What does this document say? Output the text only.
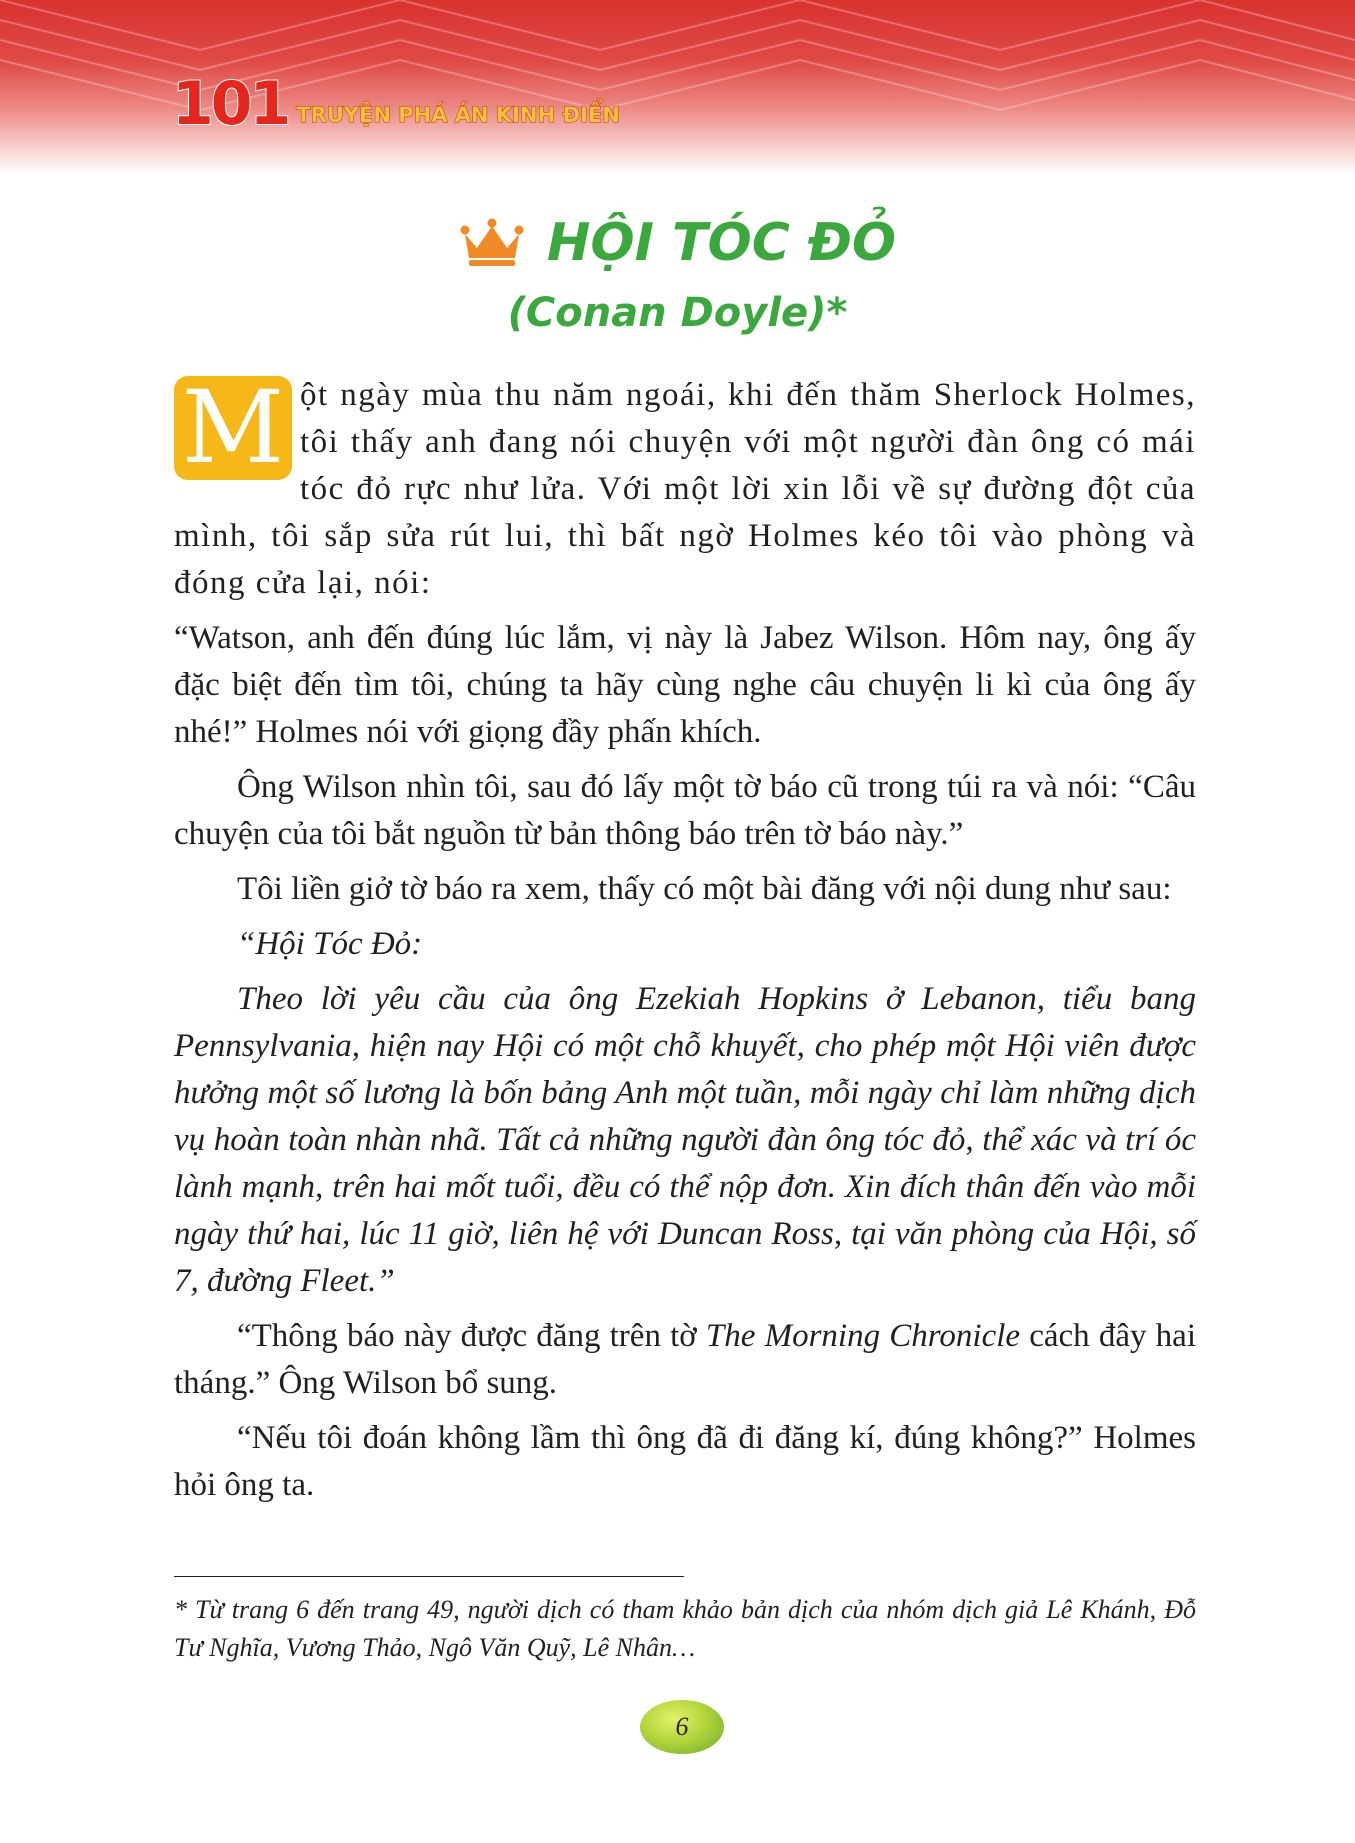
101 TRUYỆN PHÁ ÁN KINH ĐIỂN
HỘI TÓC ĐỎ
(Conan Doyle)*

M ột ngày mùa thu năm ngoái, khi đến thăm Sherlock Holmes, tôi thấy anh đang nói chuyện với một người đàn ông có mái tóc đỏ rực như lửa. Với một lời xin lỗi về sự đường đột của mình, tôi sắp sửa rút lui, thì bất ngờ Holmes kéo tôi vào phòng và đóng cửa lại, nói:

“Watson, anh đến đúng lúc lắm, vị này là Jabez Wilson. Hôm nay, ông ấy đặc biệt đến tìm tôi, chúng ta hãy cùng nghe câu chuyện li kì của ông ấy nhé!” Holmes nói với giọng đầy phấn khích.

Ông Wilson nhìn tôi, sau đó lấy một tờ báo cũ trong túi ra và nói: “Câu chuyện của tôi bắt nguồn từ bản thông báo trên tờ báo này.”

Tôi liền giở tờ báo ra xem, thấy có một bài đăng với nội dung như sau:

“Hội Tóc Đỏ:

Theo lời yêu cầu của ông Ezekiah Hopkins ở Lebanon, tiểu bang Pennsylvania, hiện nay Hội có một chỗ khuyết, cho phép một Hội viên được hưởng một số lương là bốn bảng Anh một tuần, mỗi ngày chỉ làm những dịch vụ hoàn toàn nhàn nhã. Tất cả những người đàn ông tóc đỏ, thể xác và trí óc lành mạnh, trên hai mốt tuổi, đều có thể nộp đơn. Xin đích thân đến vào mỗi ngày thứ hai, lúc 11 giờ, liên hệ với Duncan Ross, tại văn phòng của Hội, số 7, đường Fleet.”

“Thông báo này được đăng trên tờ The Morning Chronicle cách đây hai tháng.” Ông Wilson bổ sung.

“Nếu tôi đoán không lầm thì ông đã đi đăng kí, đúng không?” Holmes hỏi ông ta.

* Từ trang 6 đến trang 49, người dịch có tham khảo bản dịch của nhóm dịch giả Lê Khánh, Đỗ Tư Nghĩa, Vương Thảo, Ngô Văn Quỹ, Lê Nhân…
6
